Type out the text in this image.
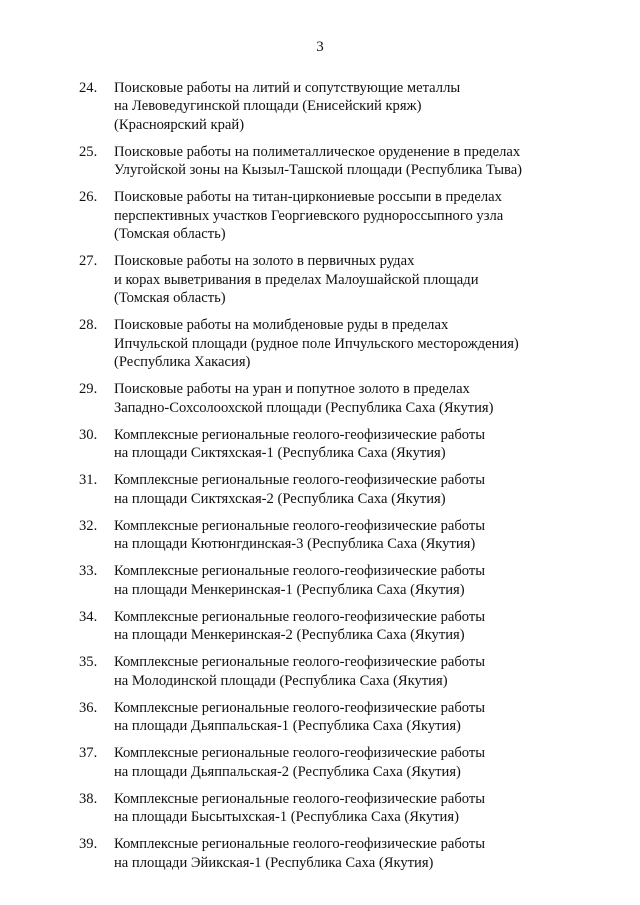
3
24.	Поисковые работы на литий и сопутствующие металлы
на Левоведугинской площади (Енисейский кряж)
(Красноярский край)
25.	Поисковые работы на полиметаллическое оруденение в пределах
Улугойской зоны на Кызыл-Ташской площади (Республика Тыва)
26.	Поисковые работы на титан-циркониевые россыпи в пределах
перспективных участков Георгиевского руднороссыпного узла
(Томская область)
27.	Поисковые работы на золото в первичных рудах
и корах выветривания в пределах Малоушайской площади
(Томская область)
28.	Поисковые работы на молибденовые руды в пределах
Ипчульской площади (рудное поле Ипчульского месторождения)
(Республика Хакасия)
29.	Поисковые работы на уран и попутное золото в пределах
Западно-Сохсолоохской площади (Республика Саха (Якутия)
30.	Комплексные региональные геолого-геофизические работы
на площади Сиктяхская-1 (Республика Саха (Якутия)
31.	Комплексные региональные геолого-геофизические работы
на площади Сиктяхская-2 (Республика Саха (Якутия)
32.	Комплексные региональные геолого-геофизические работы
на площади Кютюнгдинская-3 (Республика Саха (Якутия)
33.	Комплексные региональные геолого-геофизические работы
на площади Менкеринская-1 (Республика Саха (Якутия)
34.	Комплексные региональные геолого-геофизические работы
на площади Менкеринская-2 (Республика Саха (Якутия)
35.	Комплексные региональные геолого-геофизические работы
на Молодинской площади (Республика Саха (Якутия)
36.	Комплексные региональные геолого-геофизические работы
на площади Дьяппальская-1 (Республика Саха (Якутия)
37.	Комплексные региональные геолого-геофизические работы
на площади Дьяппальская-2 (Республика Саха (Якутия)
38.	Комплексные региональные геолого-геофизические работы
на площади Бысытыхская-1 (Республика Саха (Якутия)
39.	Комплексные региональные геолого-геофизические работы
на площади Эйикская-1 (Республика Саха (Якутия)
